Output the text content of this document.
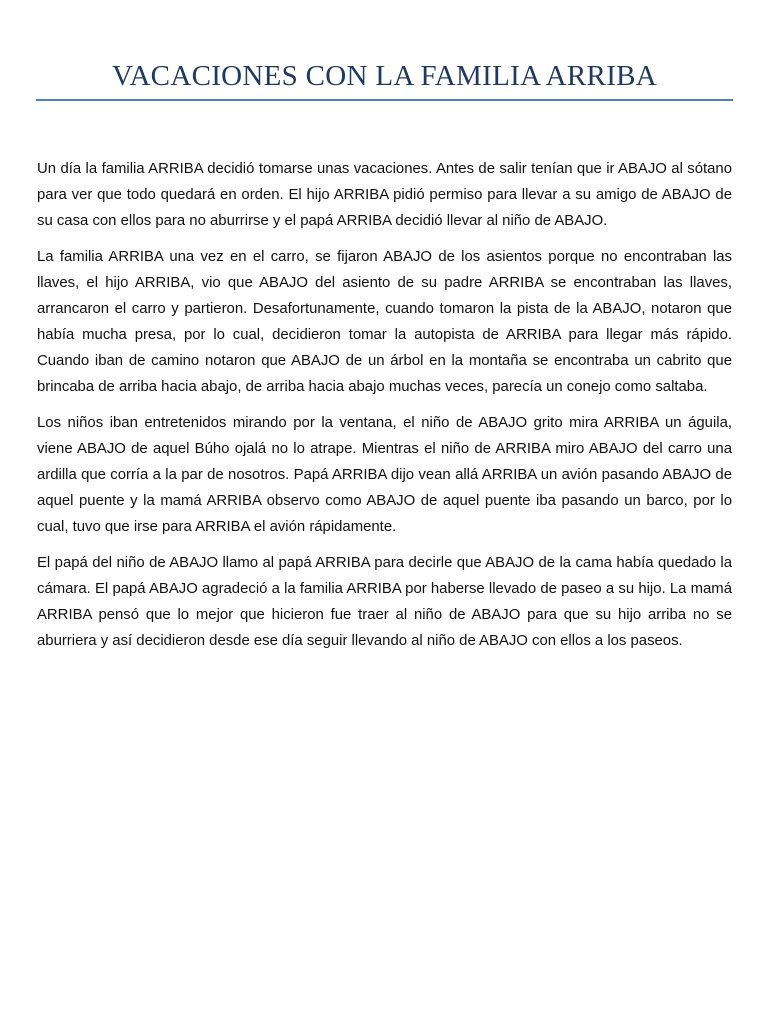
VACACIONES CON LA FAMILIA ARRIBA

Un día la familia ARRIBA decidió tomarse unas vacaciones. Antes de salir tenían que ir ABAJO al sótano para ver que todo quedará en orden. El hijo ARRIBA pidió permiso para llevar a su amigo de ABAJO de su casa con ellos para no aburrirse y el papá ARRIBA decidió llevar al niño de ABAJO.

La familia ARRIBA una vez en el carro, se fijaron ABAJO de los asientos porque no encontraban las llaves, el hijo ARRIBA, vio que ABAJO del asiento de su padre ARRIBA se encontraban las llaves, arrancaron el carro y partieron. Desafortunamente, cuando tomaron la pista de la ABAJO, notaron que había mucha presa, por lo cual, decidieron tomar la autopista de ARRIBA para llegar más rápido. Cuando iban de camino notaron que ABAJO de un árbol en la montaña se encontraba un cabrito que brincaba de arriba hacia abajo, de arriba hacia abajo muchas veces, parecía un conejo como saltaba.

Los niños iban entretenidos mirando por la ventana, el niño de ABAJO grito mira ARRIBA un águila, viene ABAJO de aquel Búho ojalá no lo atrape. Mientras el niño de ARRIBA miro ABAJO del carro una ardilla que corría a la par de nosotros. Papá ARRIBA dijo vean allá ARRIBA un avión pasando ABAJO de aquel puente y la mamá ARRIBA observo como ABAJO de aquel puente iba pasando un barco, por lo cual, tuvo que irse para ARRIBA el avión rápidamente.

El papá del niño de ABAJO llamo al papá ARRIBA para decirle que ABAJO de la cama había quedado la cámara. El papá ABAJO agradeció a la familia ARRIBA por haberse llevado de paseo a su hijo. La mamá ARRIBA pensó que lo mejor que hicieron fue traer al niño de ABAJO para que su hijo arriba no se aburriera y así decidieron desde ese día seguir llevando al niño de ABAJO con ellos a los paseos.
